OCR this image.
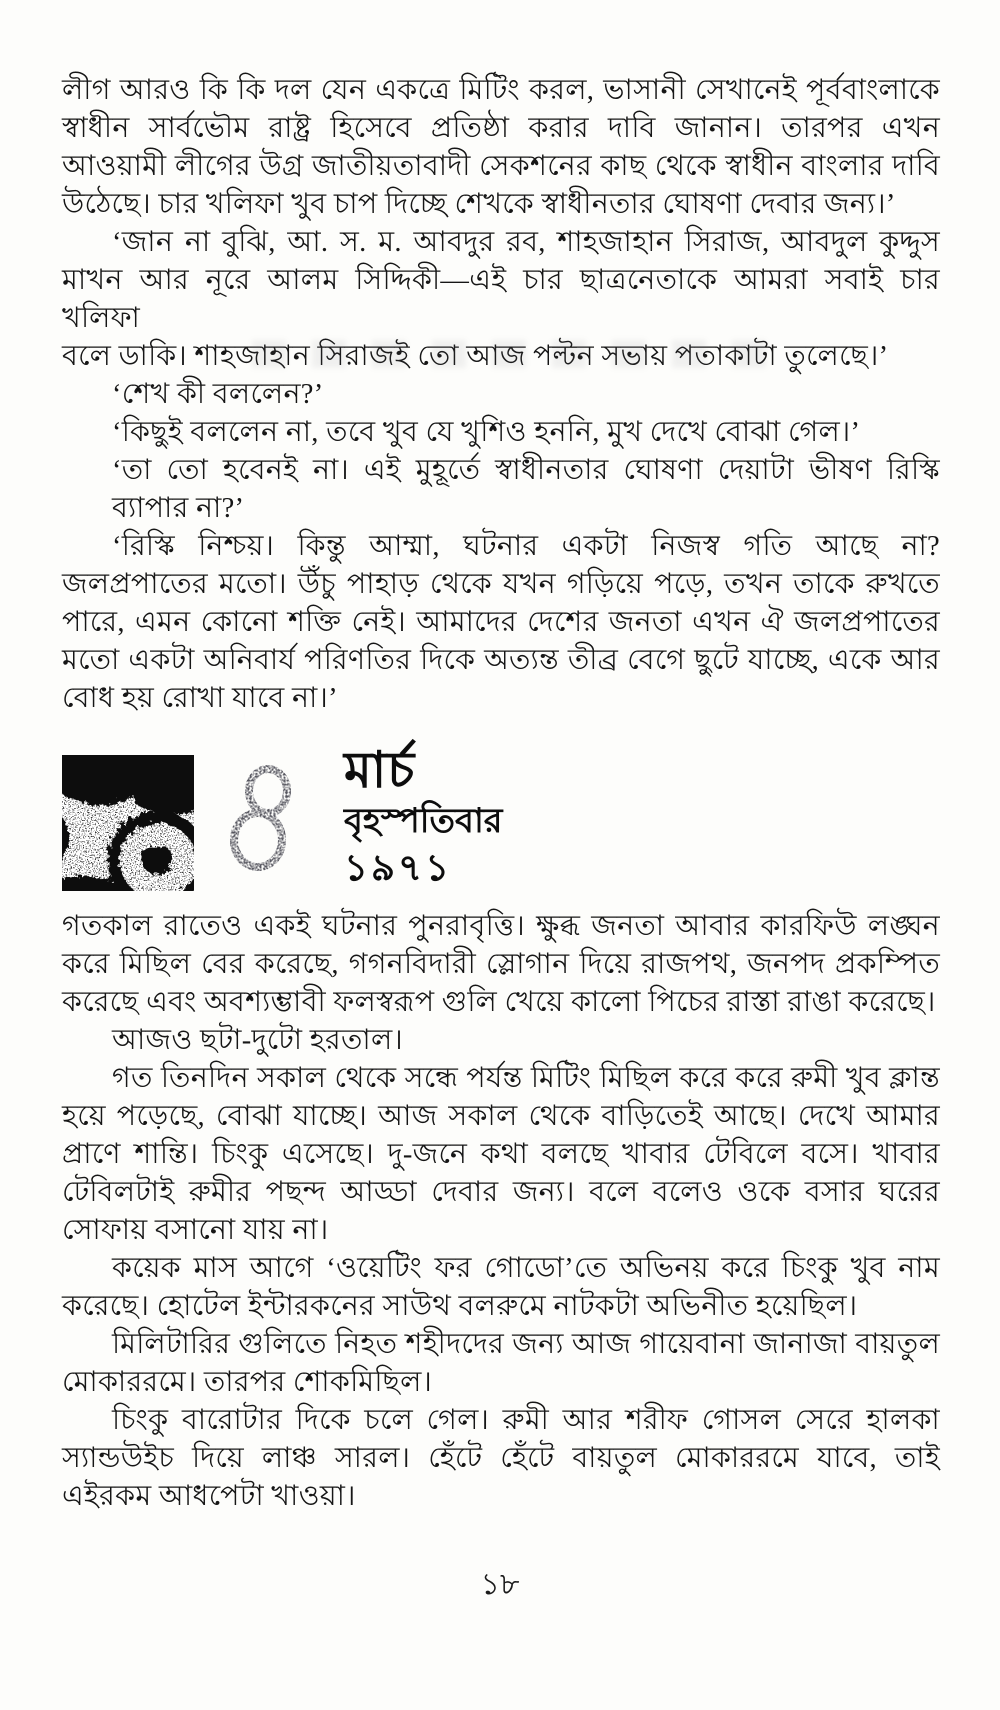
লীগ আরও কি কি দল যেন একত্রে মিটিং করল, ভাসানী সেখানেই পূর্ববাংলাকে
স্বাধীন সার্বভৌম রাষ্ট্র হিসেবে প্রতিষ্ঠা করার দাবি জানান। তারপর এখন
আওয়ামী লীগের উগ্র জাতীয়তাবাদী সেকশনের কাছ থেকে স্বাধীন বাংলার দাবি
উঠেছে। চার খলিফা খুব চাপ দিচ্ছে শেখকে স্বাধীনতার ঘোষণা দেবার জন্য।’
‘জান না বুঝি, আ. স. ম. আবদুর রব, শাহজাহান সিরাজ, আবদুল কুদ্দুস
মাখন আর নূরে আলম সিদ্দিকী—এই চার ছাত্রনেতাকে আমরা সবাই চার খলিফা
বলে ডাকি। শাহজাহান সিরাজই তো আজ পল্টন সভায় পতাকাটা তুলেছে।’
‘শেখ কী বললেন?’
‘কিছুই বললেন না, তবে খুব যে খুশিও হননি, মুখ দেখে বোঝা গেল।’
‘তা তো হবেনই না। এই মুহূর্তে স্বাধীনতার ঘোষণা দেয়াটা ভীষণ রিস্কি ব্যাপার না?’
‘রিস্কি নিশ্চয়। কিন্তু আম্মা, ঘটনার একটা নিজস্ব গতি আছে না?
জলপ্রপাতের মতো। উঁচু পাহাড় থেকে যখন গড়িয়ে পড়ে, তখন তাকে রুখতে
পারে, এমন কোনো শক্তি নেই। আমাদের দেশের জনতা এখন ঐ জলপ্রপাতের
মতো একটা অনিবার্য পরিণতির দিকে অত্যন্ত তীব্র বেগে ছুটে যাচ্ছে, একে আর
বোধ হয় রোখা যাবে না।’
মার্চ
বৃহস্পতিবার
১৯৭১
গতকাল রাতেও একই ঘটনার পুনরাবৃত্তি। ক্ষুব্ধ জনতা আবার কারফিউ লঙ্ঘন
করে মিছিল বের করেছে, গগনবিদারী স্লোগান দিয়ে রাজপথ, জনপদ প্রকম্পিত
করেছে এবং অবশ্যম্ভাবী ফলস্বরূপ গুলি খেয়ে কালো পিচের রাস্তা রাঙা করেছে।
আজও ছটা-দুটো হরতাল।
গত তিনদিন সকাল থেকে সন্ধে পর্যন্ত মিটিং মিছিল করে করে রুমী খুব ক্লান্ত
হয়ে পড়েছে, বোঝা যাচ্ছে। আজ সকাল থেকে বাড়িতেই আছে। দেখে আমার
প্রাণে শান্তি। চিংকু এসেছে। দু-জনে কথা বলছে খাবার টেবিলে বসে। খাবার
টেবিলটাই রুমীর পছন্দ আড্ডা দেবার জন্য। বলে বলেও ওকে বসার ঘরের
সোফায় বসানো যায় না।
কয়েক মাস আগে ‘ওয়েটিং ফর গোডো’তে অভিনয় করে চিংকু খুব নাম
করেছে। হোটেল ইন্টারকনের সাউথ বলরুমে নাটকটা অভিনীত হয়েছিল।
মিলিটারির গুলিতে নিহত শহীদদের জন্য আজ গায়েবানা জানাজা বায়তুল
মোকাররমে। তারপর শোকমিছিল।
চিংকু বারোটার দিকে চলে গেল। রুমী আর শরীফ গোসল সেরে হালকা
স্যান্ডউইচ দিয়ে লাঞ্চ সারল। হেঁটে হেঁটে বায়তুল মোকাররমে যাবে, তাই
এইরকম আধপেটা খাওয়া।
১৮
